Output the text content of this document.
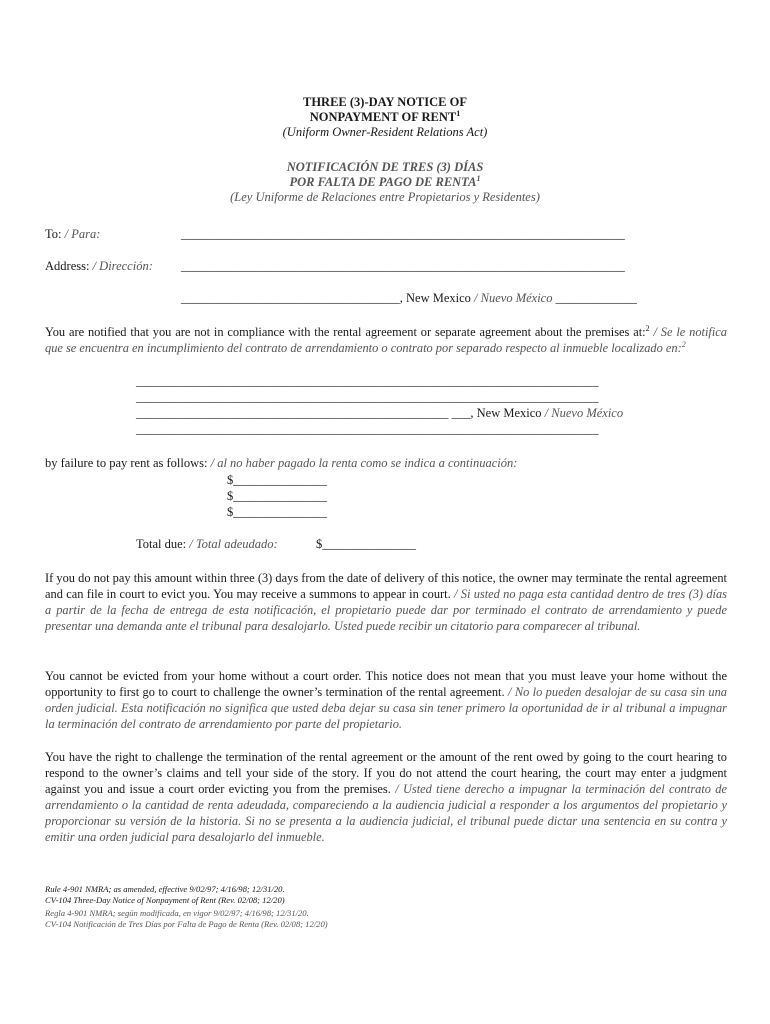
THREE (3)-DAY NOTICE OF
NONPAYMENT OF RENT$^1$
(Uniform Owner-Resident Relations Act)
NOTIFICACIÓN DE TRES (3) DÍAS
POR FALTA DE PAGO DE RENTA$^1$
(Ley Uniforme de Relaciones entre Propietarios y Residentes)
To: / Para:	_______________________________________________________________________
Address: / Dirección: _______________________________________________________________________
___________________________________, New Mexico / Nuevo México _____________
You are notified that you are not in compliance with the rental agreement or separate agreement about the premises at:$^2$ / Se le notifica que se encuentra en incumplimiento del contrato de arrendamiento o contrato por separado respecto al inmueble localizado en:$^2$
__________________________________________________________________________
__________________________________________________________________________
__________________________________________________ ___, New Mexico / Nuevo México
__________________________________________________________________________
by failure to pay rent as follows: / al no haber pagado la renta como se indica a continuación:
$_______________
$_______________
$_______________
Total due: / Total adeudado:	$_______________
If you do not pay this amount within three (3) days from the date of delivery of this notice, the owner may terminate the rental agreement and can file in court to evict you. You may receive a summons to appear in court. / Si usted no paga esta cantidad dentro de tres (3) días a partir de la fecha de entrega de esta notificación, el propietario puede dar por terminado el contrato de arrendamiento y puede presentar una demanda ante el tribunal para desalojarlo. Usted puede recibir un citatorio para comparecer al tribunal.
You cannot be evicted from your home without a court order. This notice does not mean that you must leave your home without the opportunity to first go to court to challenge the owner’s termination of the rental agreement. / No lo pueden desalojar de su casa sin una orden judicial. Esta notificación no significa que usted deba dejar su casa sin tener primero la oportunidad de ir al tribunal a impugnar la terminación del contrato de arrendamiento por parte del propietario.
You have the right to challenge the termination of the rental agreement or the amount of the rent owed by going to the court hearing to respond to the owner’s claims and tell your side of the story. If you do not attend the court hearing, the court may enter a judgment against you and issue a court order evicting you from the premises. / Usted tiene derecho a impugnar la terminación del contrato de arrendamiento o la cantidad de renta adeudada, compareciendo a la audiencia judicial a responder a los argumentos del propietario y proporcionar su versión de la historia. Si no se presenta a la audiencia judicial, el tribunal puede dictar una sentencia en su contra y emitir una orden judicial para desalojarlo del inmueble.
Rule 4-901 NMRA; as amended, effective 9/02/97; 4/16/98; 12/31/20.
CV-104 Three-Day Notice of Nonpayment of Rent (Rev. 02/08; 12/20)
Regla 4-901 NMRA; según modificada, en vigor 9/02/97; 4/16/98; 12/31/20.
CV-104 Notificación de Tres Días por Falta de Pago de Renta (Rev. 02/08; 12/20)
